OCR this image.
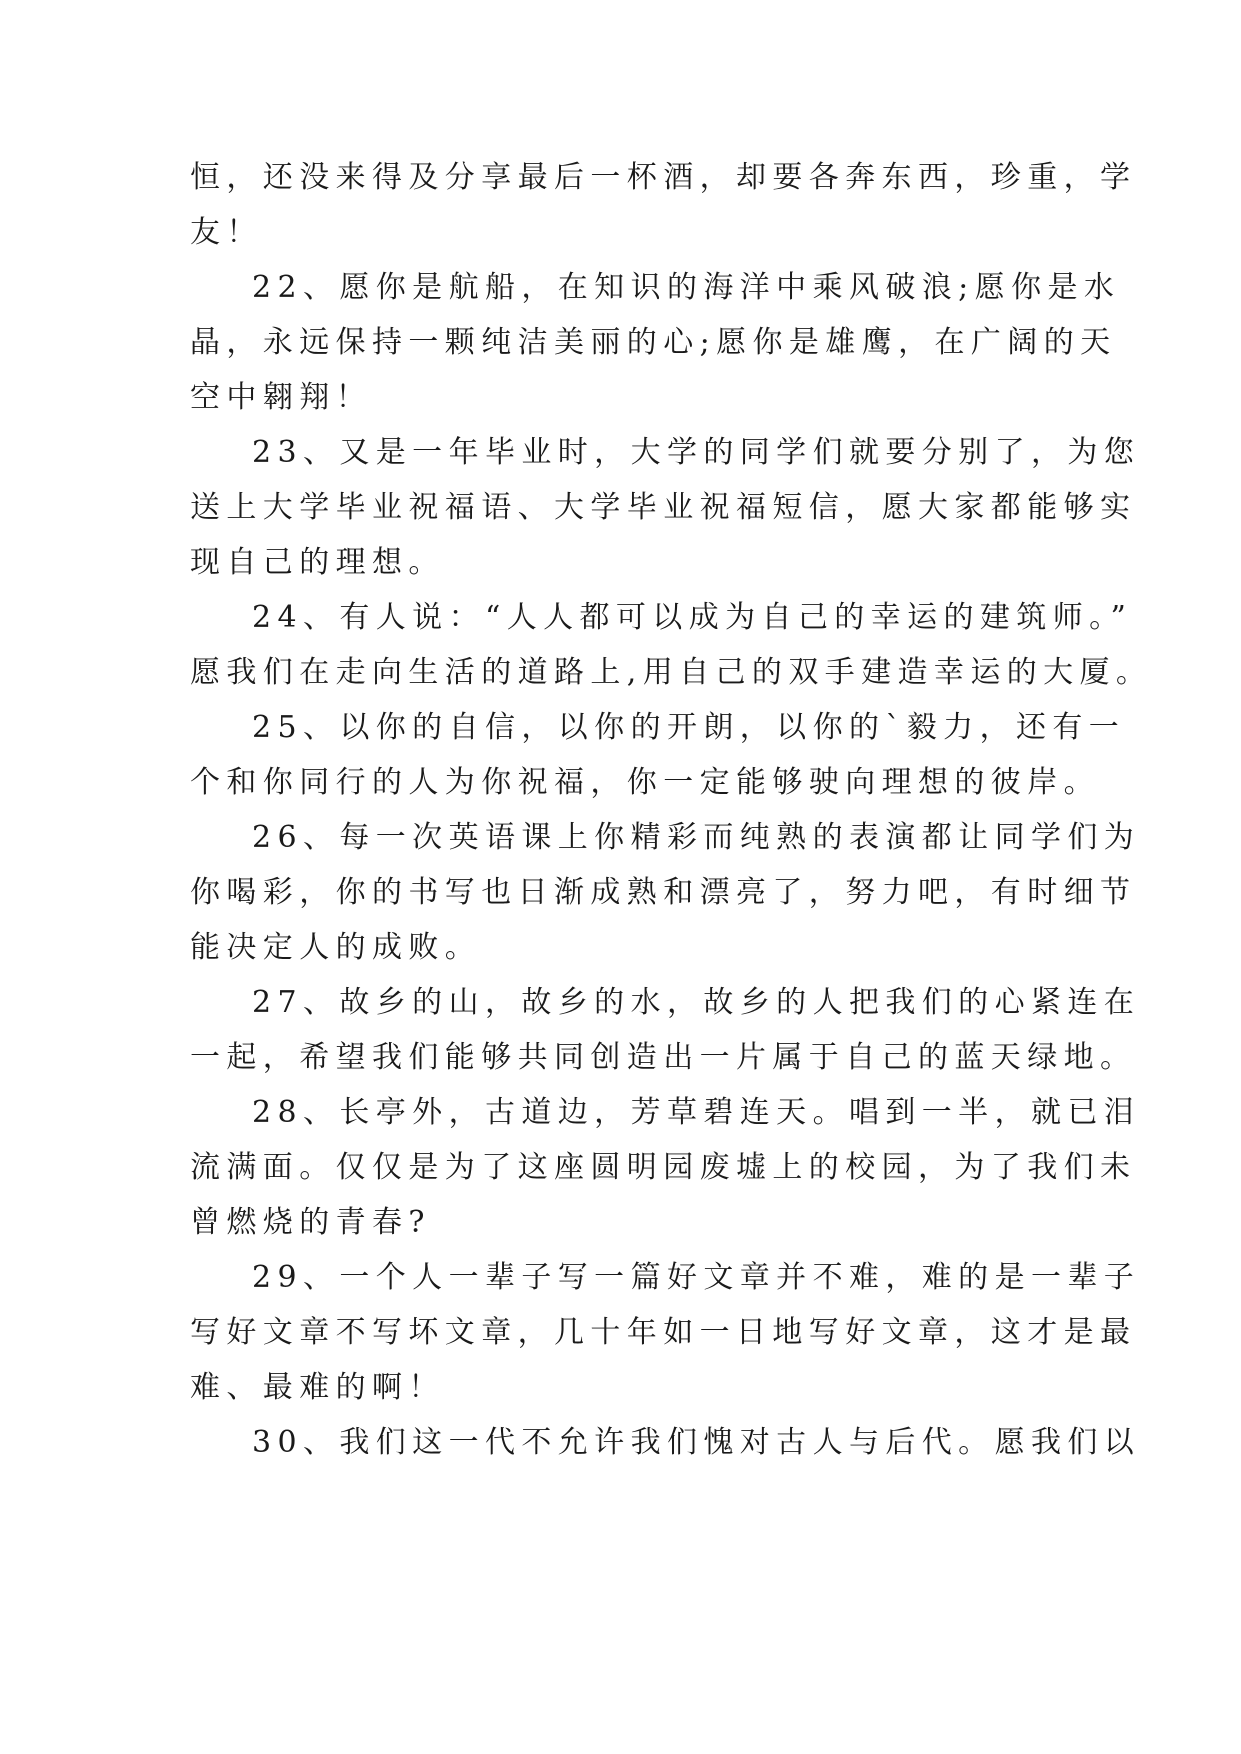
恒，还没来得及分享最后一杯酒，却要各奔东西，珍重，学
友！
22、愿你是航船，在知识的海洋中乘风破浪;愿你是水
晶，永远保持一颗纯洁美丽的心;愿你是雄鹰，在广阔的天
空中翱翔！
23、又是一年毕业时，大学的同学们就要分别了，为您
送上大学毕业祝福语、大学毕业祝福短信，愿大家都能够实
现自己的理想。
24、有人说：“人人都可以成为自己的幸运的建筑师。”
愿我们在走向生活的道路上,用自己的双手建造幸运的大厦。
25、以你的自信，以你的开朗，以你的`毅力，还有一
个和你同行的人为你祝福，你一定能够驶向理想的彼岸。
26、每一次英语课上你精彩而纯熟的表演都让同学们为
你喝彩，你的书写也日渐成熟和漂亮了，努力吧，有时细节
能决定人的成败。
27、故乡的山，故乡的水，故乡的人把我们的心紧连在
一起，希望我们能够共同创造出一片属于自己的蓝天绿地。
28、长亭外，古道边，芳草碧连天。唱到一半，就已泪
流满面。仅仅是为了这座圆明园废墟上的校园，为了我们未
曾燃烧的青春?
29、一个人一辈子写一篇好文章并不难，难的是一辈子
写好文章不写坏文章，几十年如一日地写好文章，这才是最
难、最难的啊！
30、我们这一代不允许我们愧对古人与后代。愿我们以
